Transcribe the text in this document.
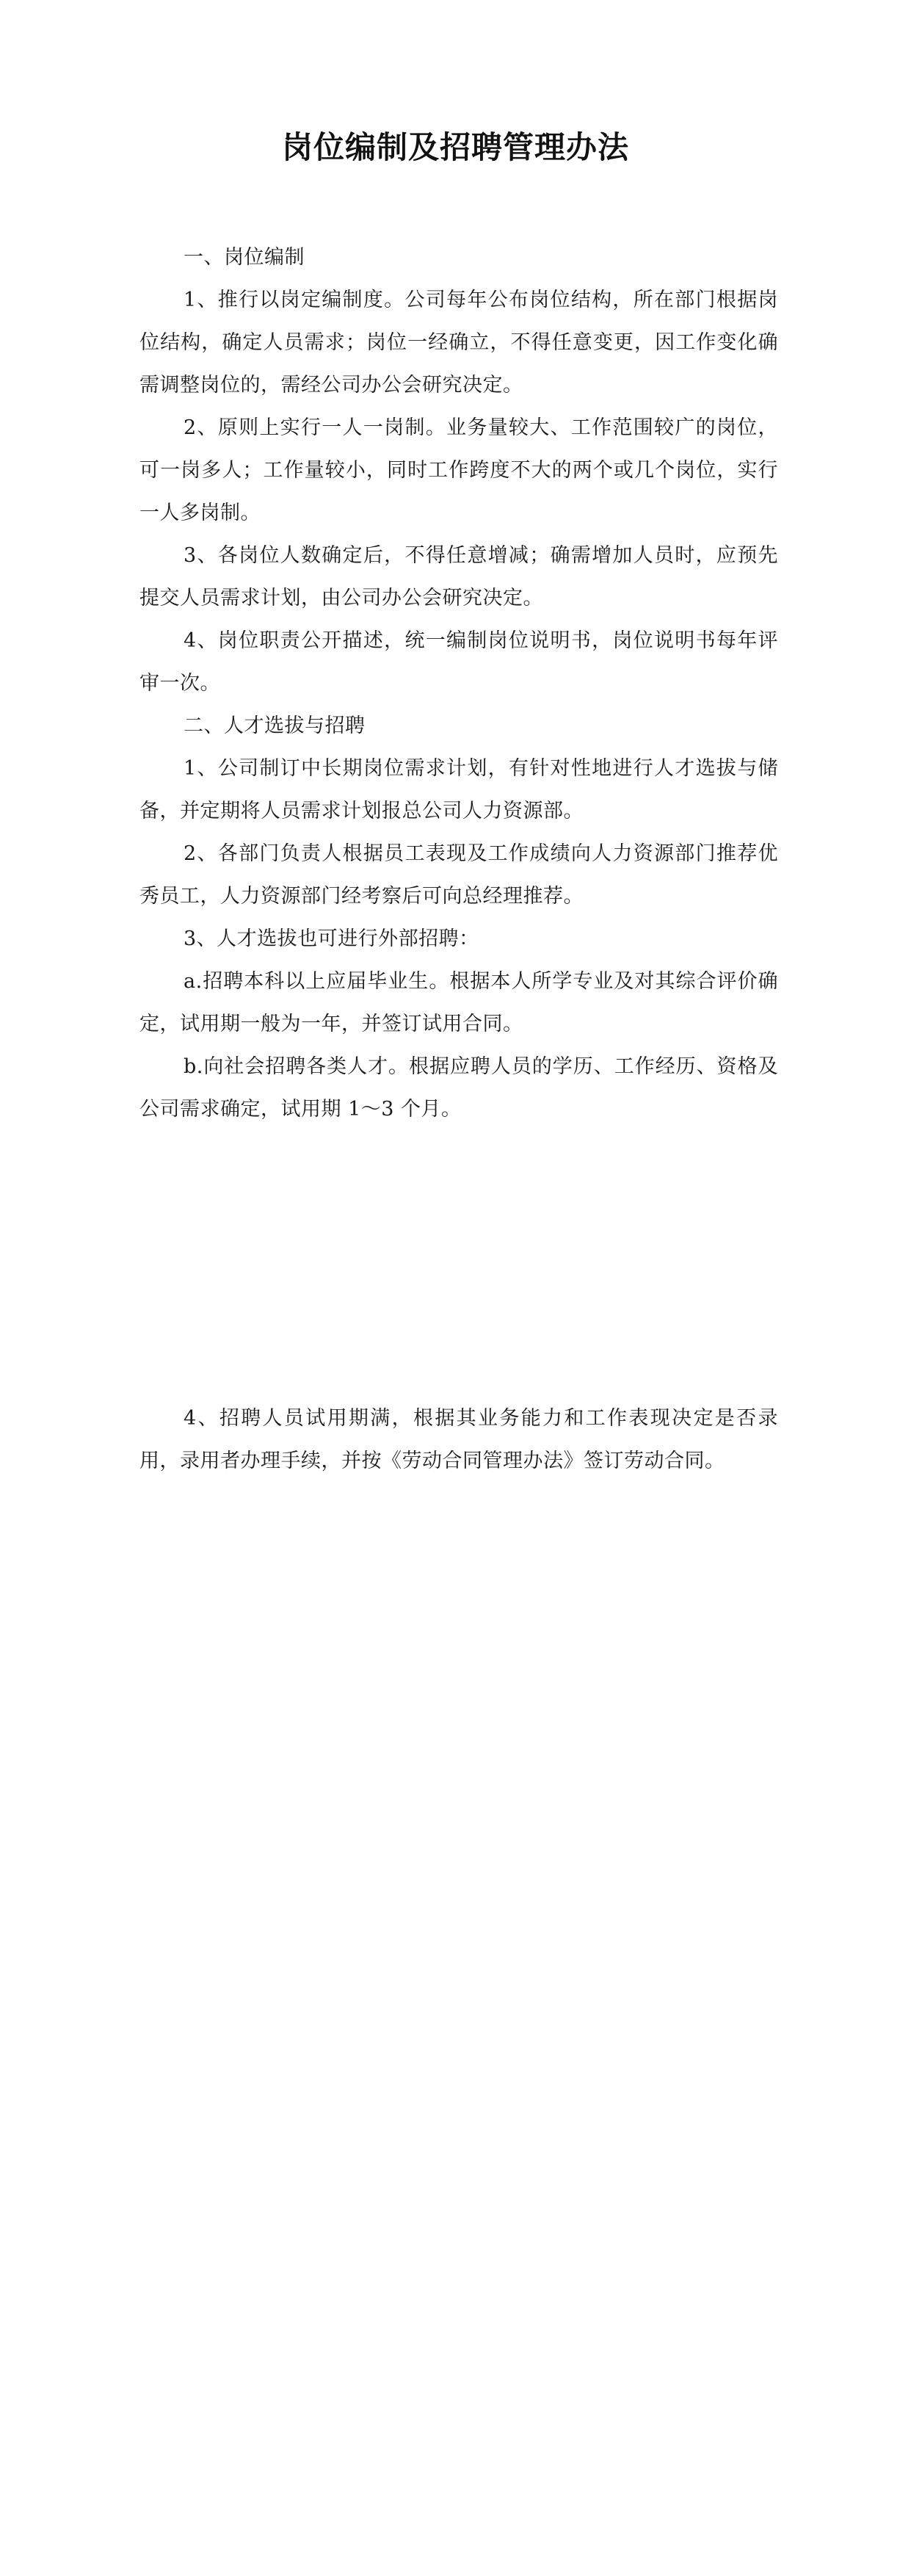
岗位编制及招聘管理办法

一、岗位编制

1、推行以岗定编制度。公司每年公布岗位结构，所在部门根据岗位结构，确定人员需求；岗位一经确立，不得任意变更，因工作变化确需调整岗位的，需经公司办公会研究决定。

2、原则上实行一人一岗制。业务量较大、工作范围较广的岗位，可一岗多人；工作量较小，同时工作跨度不大的两个或几个岗位，实行一人多岗制。

3、各岗位人数确定后，不得任意增减；确需增加人员时，应预先提交人员需求计划，由公司办公会研究决定。

4、岗位职责公开描述，统一编制岗位说明书，岗位说明书每年评审一次。

二、人才选拔与招聘

1、公司制订中长期岗位需求计划，有针对性地进行人才选拔与储备，并定期将人员需求计划报总公司人力资源部。

2、各部门负责人根据员工表现及工作成绩向人力资源部门推荐优秀员工，人力资源部门经考察后可向总经理推荐。

3、人才选拔也可进行外部招聘：

a.招聘本科以上应届毕业生。根据本人所学专业及对其综合评价确定，试用期一般为一年，并签订试用合同。

b.向社会招聘各类人才。根据应聘人员的学历、工作经历、资格及公司需求确定，试用期 1～3 个月。

4、招聘人员试用期满，根据其业务能力和工作表现决定是否录用，录用者办理手续，并按《劳动合同管理办法》签订劳动合同。
